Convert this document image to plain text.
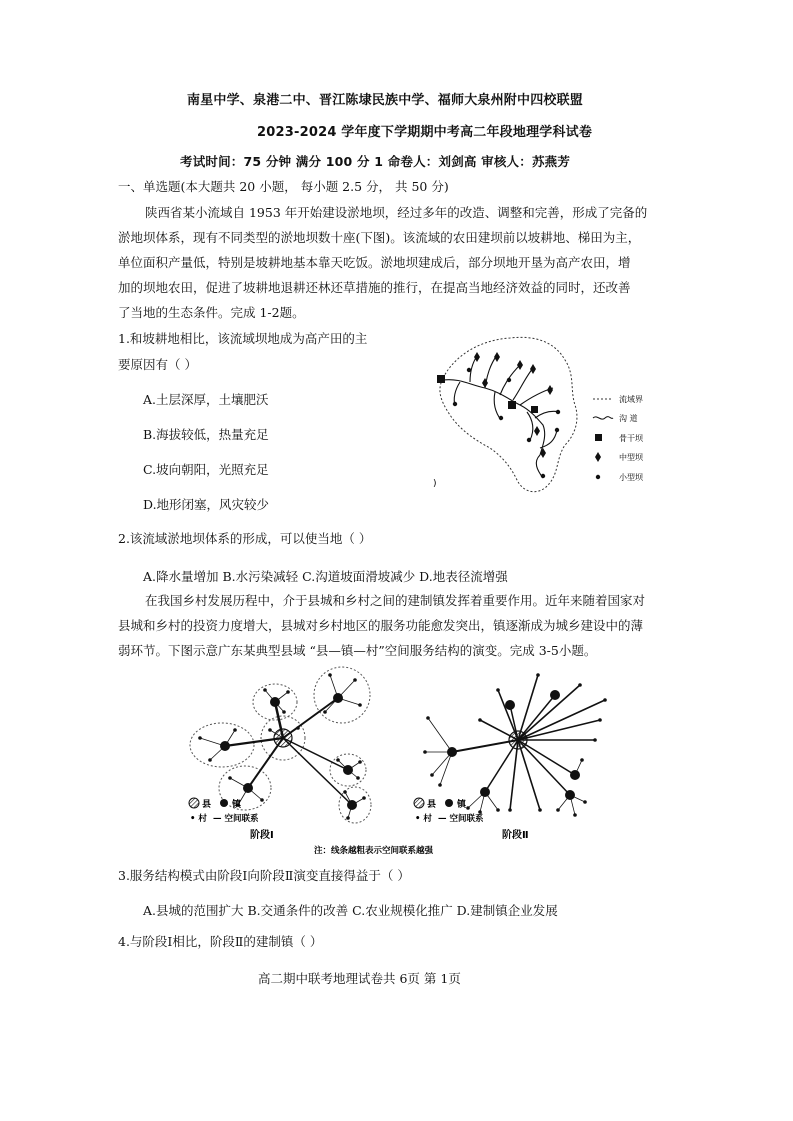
南星中学、泉港二中、晋江陈埭民族中学、福师大泉州附中四校联盟
2023-2024 学年度下学期期中考高二年段地理学科试卷
考试时间：75 分钟 满分 100 分 1 命卷人：刘剑高 审核人：苏燕芳
一、单选题(本大题共 20 小题， 每小题 2.5 分， 共 50 分)
陕西省某小流域自 1953 年开始建设淤地坝，经过多年的改造、调整和完善，形成了完备的
淤地坝体系，现有不同类型的淤地坝数十座(下图)。该流域的农田建坝前以坡耕地、梯田为主，
单位面积产量低，特别是坡耕地基本靠天吃饭。淤地坝建成后，部分坝地开垦为高产农田，增
加的坝地农田，促进了坡耕地退耕还林还草措施的推行，在提高当地经济效益的同时，还改善
了当地的生态条件。完成 1-2题。
1.和坡耕地相比，该流域坝地成为高产田的主
要原因有（ ）
A.土层深厚，土壤肥沃
B.海拔较低，热量充足
C.坡向朝阳，光照充足
D.地形闭塞，风灾较少
流域界
沟 道
骨干坝
中型坝
小型坝
)
2.该流域淤地坝体系的形成，可以使当地（ ）
A.降水量增加 B.水污染减轻 C.沟道坡面滑坡减少 D.地表径流增强
在我国乡村发展历程中，介于县城和乡村之间的建制镇发挥着重要作用。近年来随着国家对
县城和乡村的投资力度增大，县城对乡村地区的服务功能愈发突出，镇逐渐成为城乡建设中的薄
弱环节。下图示意广东某典型县域 “县—镇—村”空间服务结构的演变。完成 3-5小题。
县 镇
• 村 — 空间联系
阶段Ⅰ
县 镇
• 村 — 空间联系
阶段Ⅱ
注：线条越粗表示空间联系越强
3.服务结构模式由阶段Ⅰ向阶段Ⅱ演变直接得益于（ ）
A.县城的范围扩大 B.交通条件的改善 C.农业规模化推广 D.建制镇企业发展
4.与阶段Ⅰ相比，阶段Ⅱ的建制镇（ ）
高二期中联考地理试卷共 6页 第 1页
